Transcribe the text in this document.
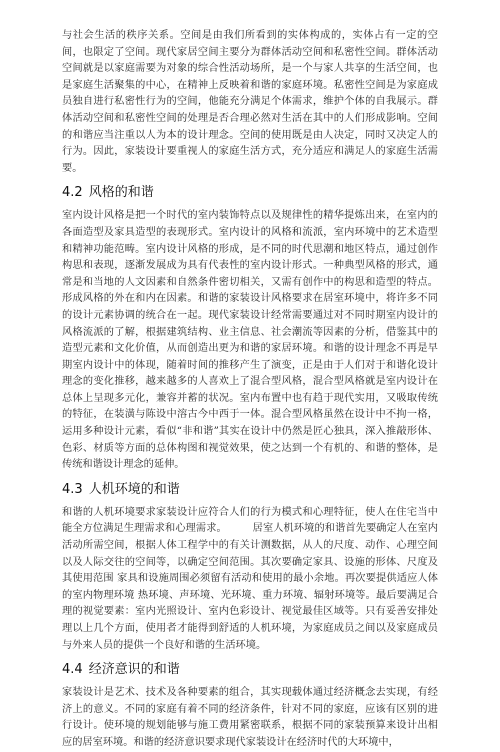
与社会生活的秩序关系。空间是由我们所看到的实体构成的，实体占有一定的空间，也限定了空间。现代家居空间主要分为群体活动空间和私密性空间。群体活动空间就是以家庭需要为对象的综合性活动场所，是一个与家人共享的生活空间，也是家庭生活聚集的中心，在精神上反映着和谐的家庭环境。私密性空间是为家庭成员独自进行私密性行为的空间，他能充分满足个体需求，维护个体的自我展示。群体活动空间和私密性空间的处理是否合理必然对生活在其中的人们形成影响。空间的和谐应当注重以人为本的设计理念。空间的使用既是由人决定，同时又决定人的行为。因此，家装设计要重视人的家庭生活方式，充分适应和满足人的家庭生活需要。

4.2 风格的和谐

室内设计风格是把一个时代的室内装饰特点以及规律性的精华提炼出来，在室内的各面造型及家具造型的表现形式。室内设计的风格和流派，室内环境中的艺术造型和精神功能范畴。室内设计风格的形成，是不同的时代思潮和地区特点，通过创作构思和表现，逐渐发展成为具有代表性的室内设计形式。一种典型风格的形式，通常是和当地的人文因素和自然条件密切相关，又需有创作中的构思和造型的特点。形成风格的外在和内在因素。和谐的家装设计风格要求在居室环境中，将许多不同的设计元素协调的统合在一起。现代家装设计经常需要通过对不同时期室内设计的风格流派的了解，根据建筑结构、业主信息、社会潮流等因素的分析，借鉴其中的造型元素和文化价值，从而创造出更为和谐的家居环境。和谐的设计理念不再是早期室内设计中的体现，随着时间的推移产生了演变，正是由于人们对于和谐化设计理念的变化推移，越来越多的人喜欢上了混合型风格，混合型风格就是室内设计在总体上呈现多元化，兼容并蓄的状况。室内布置中也有趋于现代实用，又吸取传统的特征，在装潢与陈设中溶古今中西于一体。混合型风格虽然在设计中不拘一格，运用多种设计元素，看似“非和谐”其实在设计中仍然是匠心独具，深入推敲形体、色彩、材质等方面的总体构图和视觉效果，使之达到一个有机的、和谐的整体，是传统和谐设计理念的延伸。

4.3 人机环境的和谐

和谐的人机环境要求家装设计应符合人们的行为模式和心理特征，使人在住宅当中能全方位满足生理需求和心理需求。　　　居室人机环境的和谐首先要确定人在室内活动所需空间，根据人体工程学中的有关计测数据，从人的尺度、动作、心理空间以及人际交往的空间等，以确定空间范围。其次要确定家具、设施的形体、尺度及其使用范围 家具和设施周围必须留有活动和使用的最小余地。再次要提供适应人体的室内物理环境 热环境、声环境、光环境、重力环境、辐射环境等。最后要满足合理的视觉要素：室内光照设计、室内色彩设计、视觉最佳区域等。只有妥善安排处理以上几个方面，使用者才能得到舒适的人机环境，为家庭成员之间以及家庭成员与外来人员的提供一个良好和谐的生活环境。

4.4 经济意识的和谐

家装设计是艺术、技术及各种要素的组合，其实现载体通过经济概念去实现，有经济上的意义。不同的家庭有着不同的经济条件，针对不同的家庭，应该有区别的进行设计。使环境的规划能够与施工费用紧密联系，根据不同的家装预算来设计出相应的居室环境。和谐的经济意识要求现代家装设计在经济时代的大环境中，
